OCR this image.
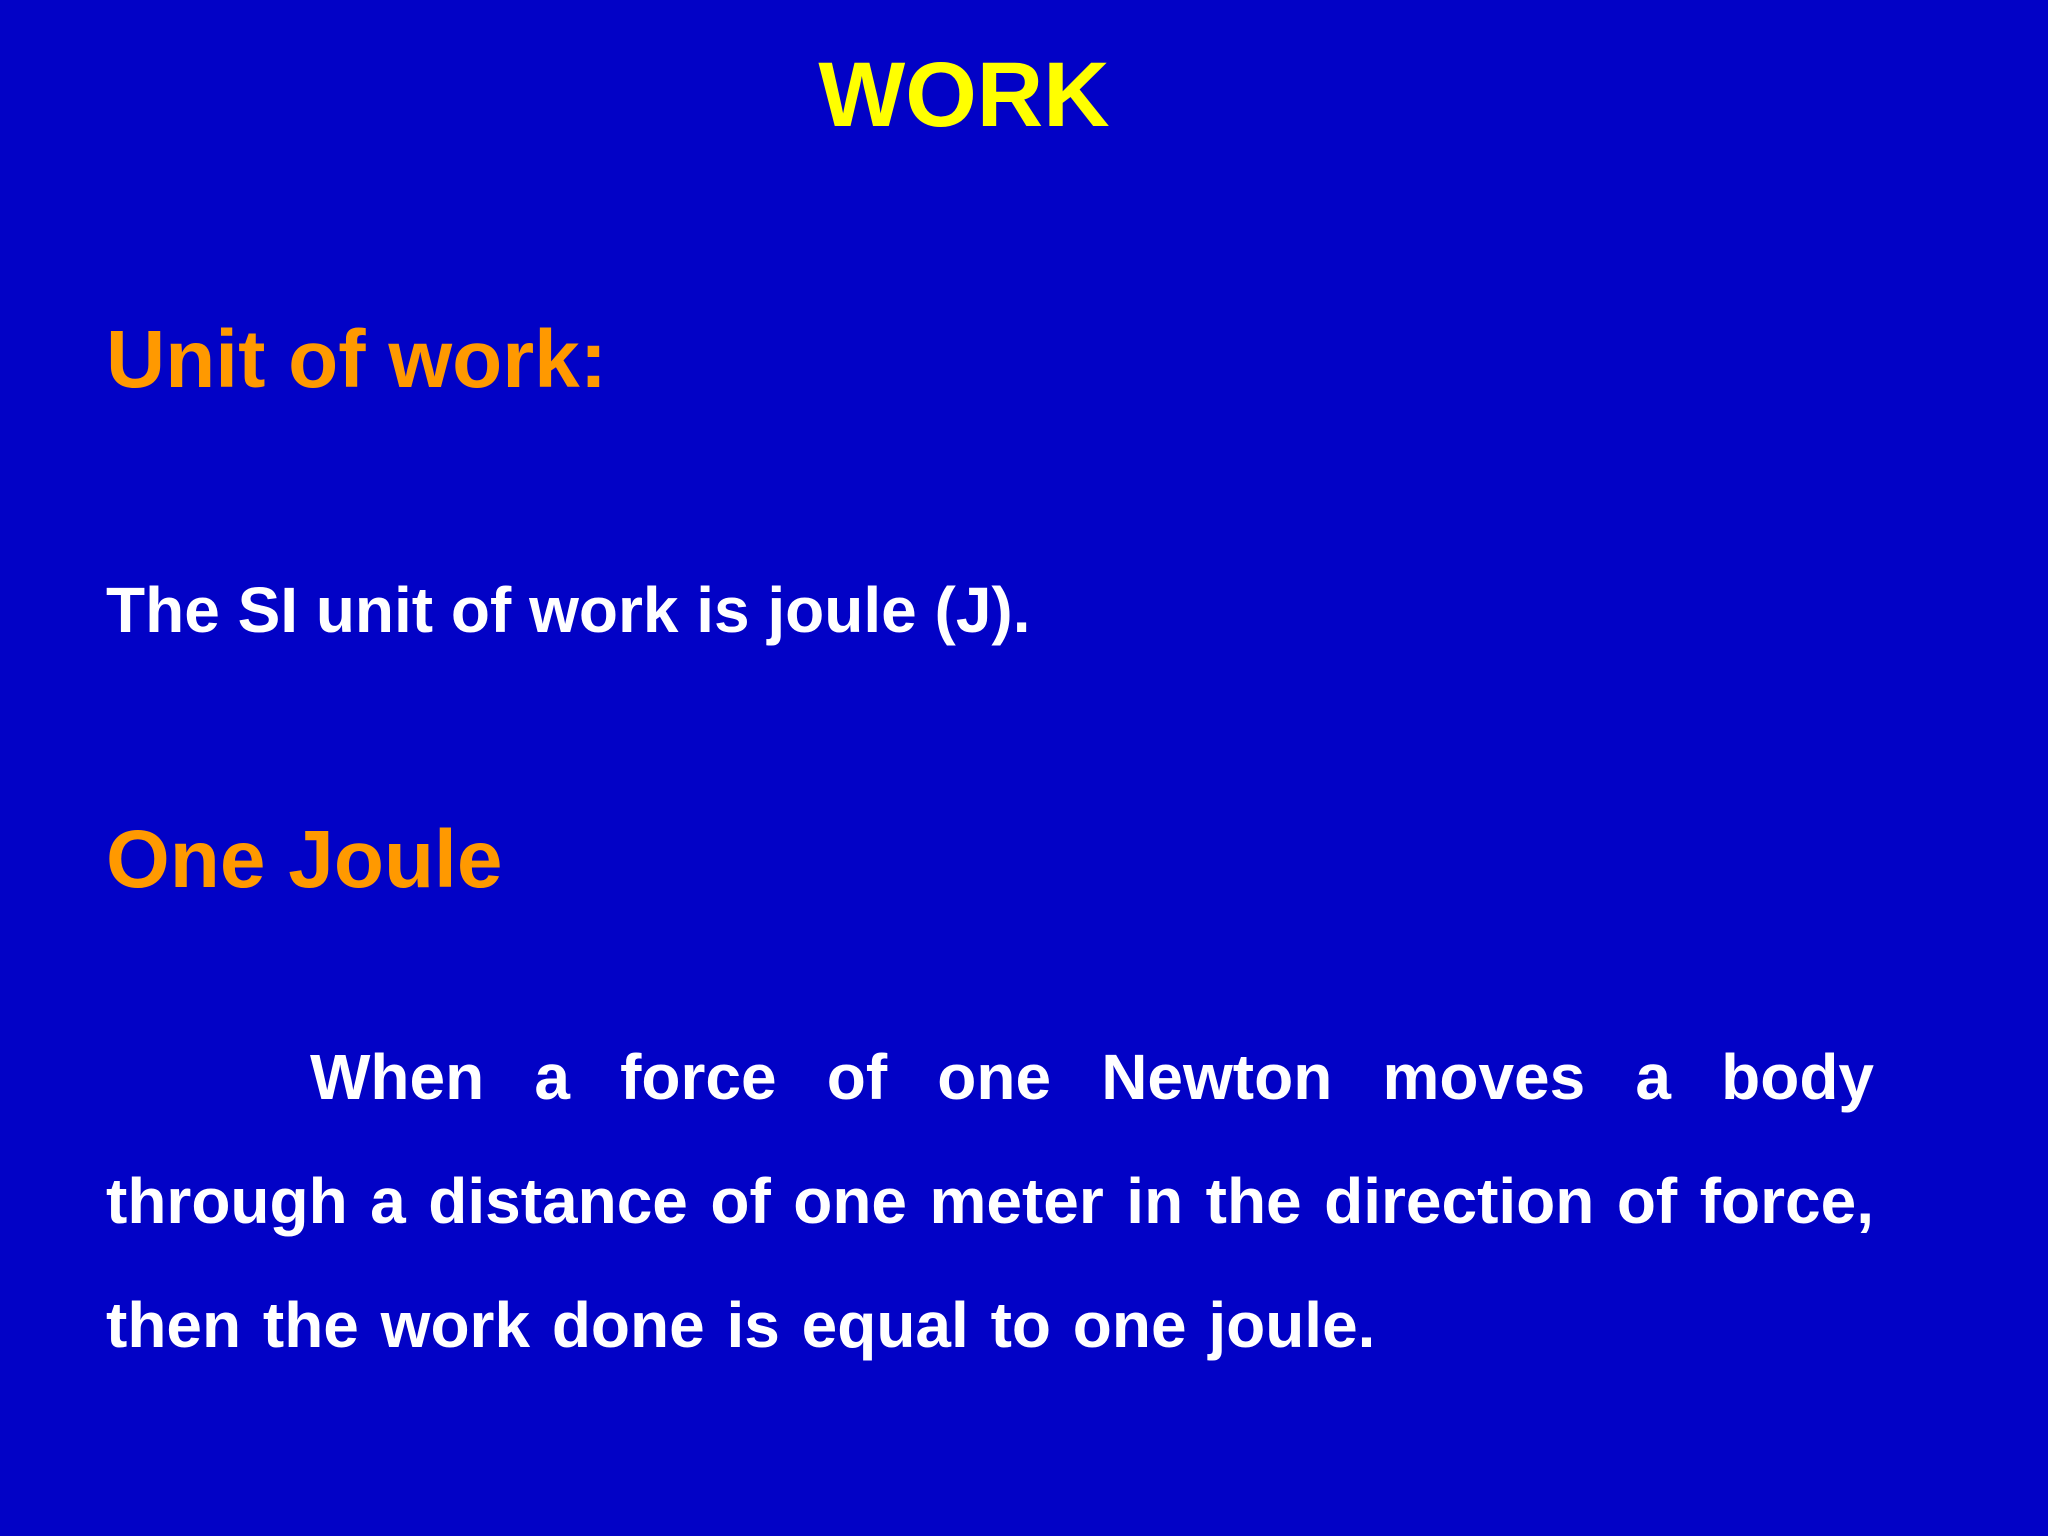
WORK
Unit of work:

The SI unit of work is joule (J).

One Joule

When a force of one Newton moves a body through a distance of one meter in the direction of force, then the work done is equal to one joule.
